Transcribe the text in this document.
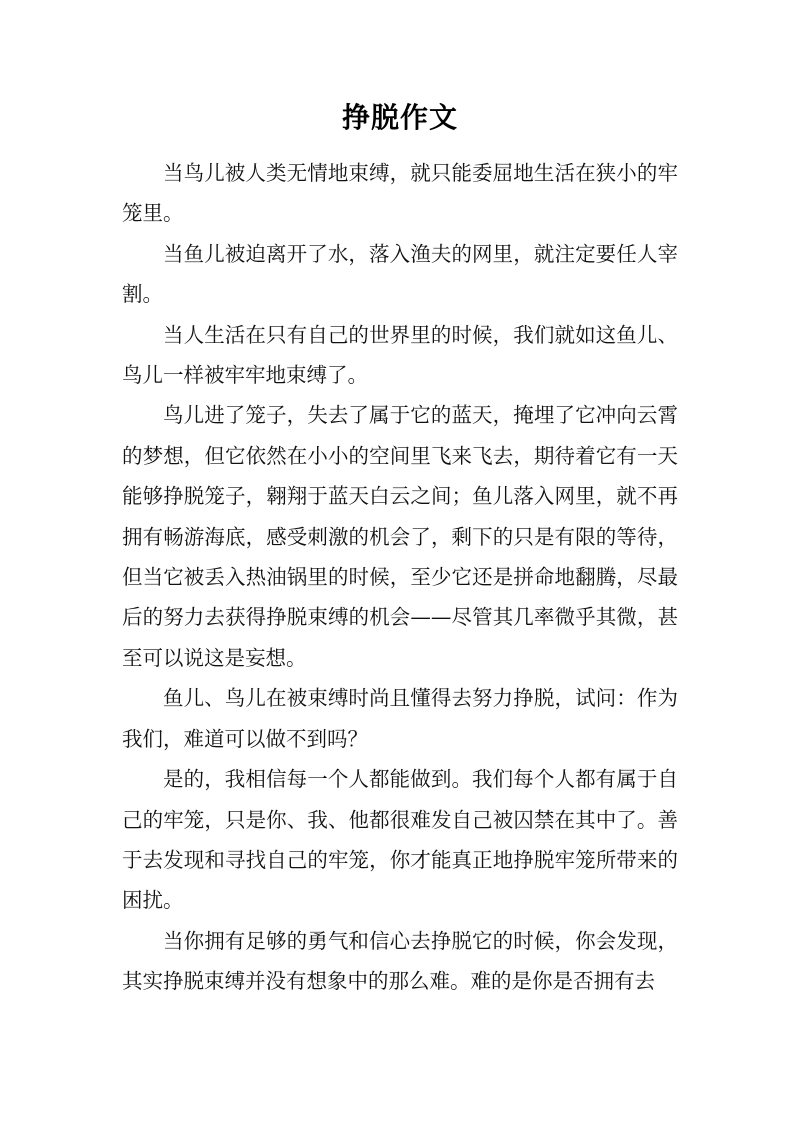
挣脱作文

当鸟儿被人类无情地束缚，就只能委屈地生活在狭小的牢笼里。

当鱼儿被迫离开了水，落入渔夫的网里，就注定要任人宰割。

当人生活在只有自己的世界里的时候，我们就如这鱼儿、鸟儿一样被牢牢地束缚了。

鸟儿进了笼子，失去了属于它的蓝天，掩埋了它冲向云霄的梦想，但它依然在小小的空间里飞来飞去，期待着它有一天能够挣脱笼子，翱翔于蓝天白云之间；鱼儿落入网里，就不再拥有畅游海底，感受刺激的机会了，剩下的只是有限的等待，但当它被丢入热油锅里的时候，至少它还是拼命地翻腾，尽最后的努力去获得挣脱束缚的机会——尽管其几率微乎其微，甚至可以说这是妄想。

鱼儿、鸟儿在被束缚时尚且懂得去努力挣脱，试问：作为我们，难道可以做不到吗？

是的，我相信每一个人都能做到。我们每个人都有属于自己的牢笼，只是你、我、他都很难发自己被囚禁在其中了。善于去发现和寻找自己的牢笼，你才能真正地挣脱牢笼所带来的困扰。

当你拥有足够的勇气和信心去挣脱它的时候，你会发现，其实挣脱束缚并没有想象中的那么难。难的是你是否拥有去
